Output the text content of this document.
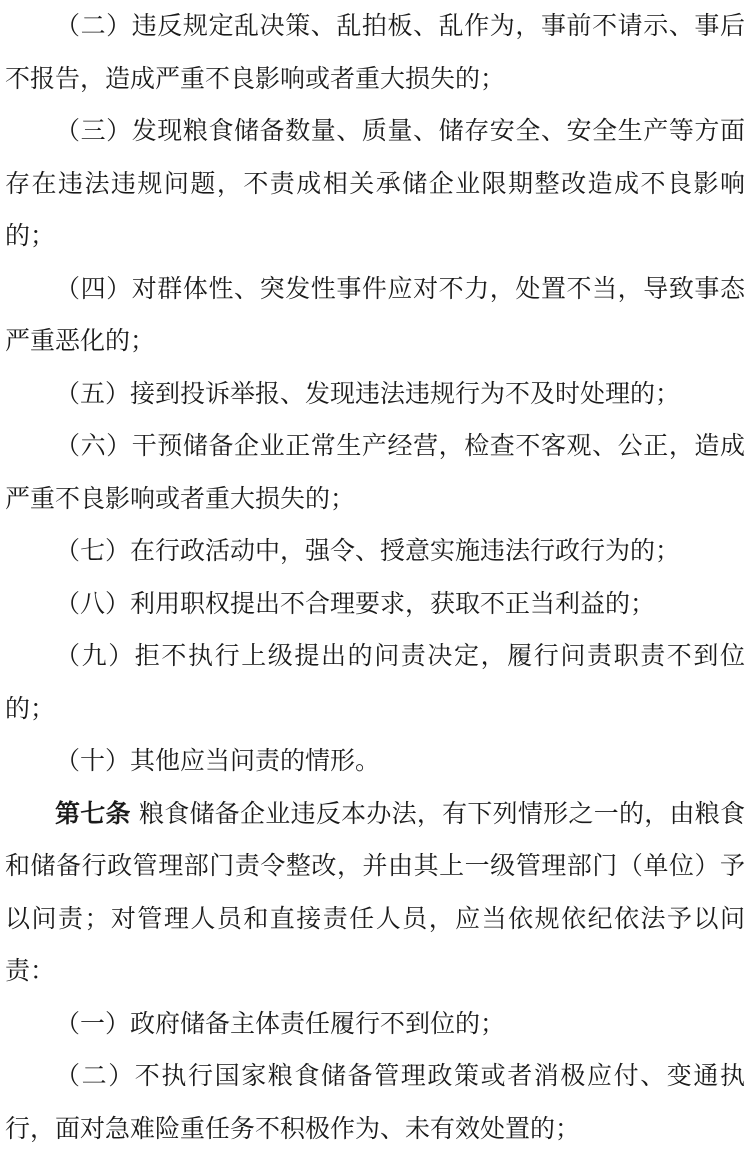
（二）违反规定乱决策、乱拍板、乱作为，事前不请示、事后不报告，造成严重不良影响或者重大损失的；

（三）发现粮食储备数量、质量、储存安全、安全生产等方面存在违法违规问题，不责成相关承储企业限期整改造成不良影响的；

（四）对群体性、突发性事件应对不力，处置不当，导致事态严重恶化的；

（五）接到投诉举报、发现违法违规行为不及时处理的；

（六）干预储备企业正常生产经营，检查不客观、公正，造成严重不良影响或者重大损失的；

（七）在行政活动中，强令、授意实施违法行政行为的；

（八）利用职权提出不合理要求，获取不正当利益的；

（九）拒不执行上级提出的问责决定，履行问责职责不到位的；

（十）其他应当问责的情形。

第七条 粮食储备企业违反本办法，有下列情形之一的，由粮食和储备行政管理部门责令整改，并由其上一级管理部门（单位）予以问责；对管理人员和直接责任人员，应当依规依纪依法予以问责：

（一）政府储备主体责任履行不到位的；

（二）不执行国家粮食储备管理政策或者消极应付、变通执行，面对急难险重任务不积极作为、未有效处置的；
